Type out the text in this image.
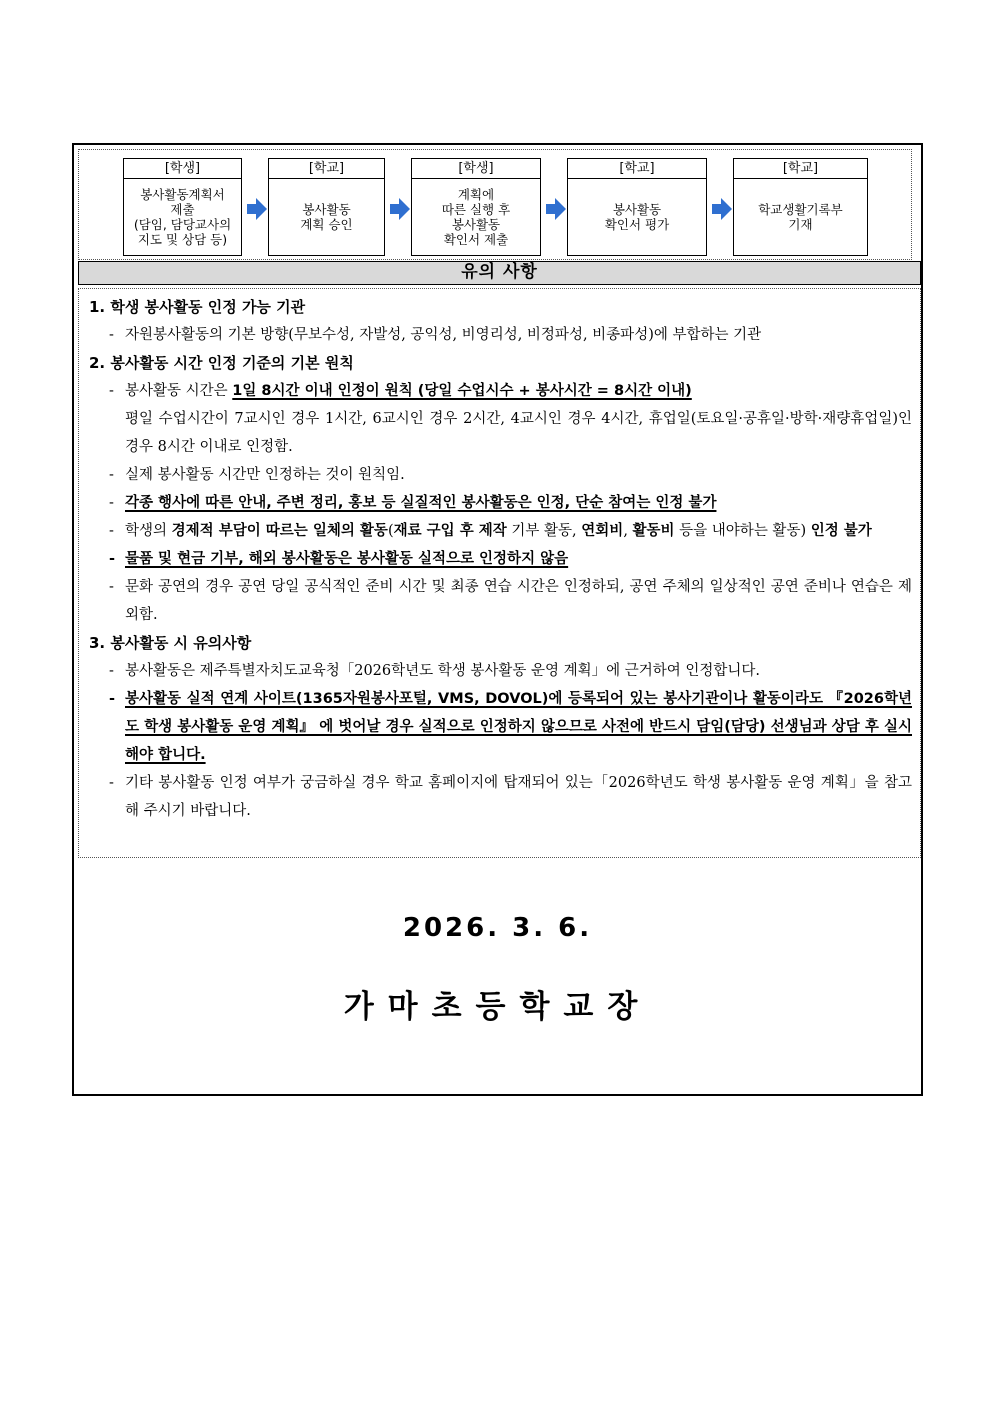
[학생]
봉사활동계획서
제출
(담임, 담당교사의
지도 및 상담 등)
[학교]
봉사활동
계획 승인
[학생]
계획에
따른 실행 후
봉사활동
확인서 제출
[학교]
봉사활동
확인서 평가
[학교]
학교생활기록부
기재
유의 사항
1. 학생 봉사활동 인정 가능 기관
- 자원봉사활동의 기본 방향(무보수성, 자발성, 공익성, 비영리성, 비정파성, 비종파성)에 부합하는 기관
2. 봉사활동 시간 인정 기준의 기본 원칙
- 봉사활동 시간은 1일 8시간 이내 인정이 원칙 (당일 수업시수 + 봉사시간 = 8시간 이내)
평일 수업시간이 7교시인 경우 1시간, 6교시인 경우 2시간, 4교시인 경우 4시간, 휴업일(토요일·공휴일·방학·재량휴업일)인 경우 8시간 이내로 인정함.
- 실제 봉사활동 시간만 인정하는 것이 원칙임.
- 각종 행사에 따른 안내, 주변 정리, 홍보 등 실질적인 봉사활동은 인정, 단순 참여는 인정 불가
- 학생의 경제적 부담이 따르는 일체의 활동(재료 구입 후 제작 기부 활동, 연회비, 활동비 등을 내야하는 활동) 인정 불가
- 물품 및 현금 기부, 해외 봉사활동은 봉사활동 실적으로 인정하지 않음
- 문화 공연의 경우 공연 당일 공식적인 준비 시간 및 최종 연습 시간은 인정하되, 공연 주체의 일상적인 공연 준비나 연습은 제외함.
3. 봉사활동 시 유의사항
- 봉사활동은 제주특별자치도교육청「2026학년도 학생 봉사활동 운영 계획」에 근거하여 인정합니다.
- 봉사활동 실적 연계 사이트(1365자원봉사포털, VMS, DOVOL)에 등록되어 있는 봉사기관이나 활동이라도 『2026학년도 학생 봉사활동 운영 계획』 에 벗어날 경우 실적으로 인정하지 않으므로 사전에 반드시 담임(담당) 선생님과 상담 후 실시해야 합니다.
- 기타 봉사활동 인정 여부가 궁금하실 경우 학교 홈페이지에 탑재되어 있는「2026학년도 학생 봉사활동 운영 계획」을 참고해 주시기 바랍니다.
2026. 3. 6.
가마초등학교장
